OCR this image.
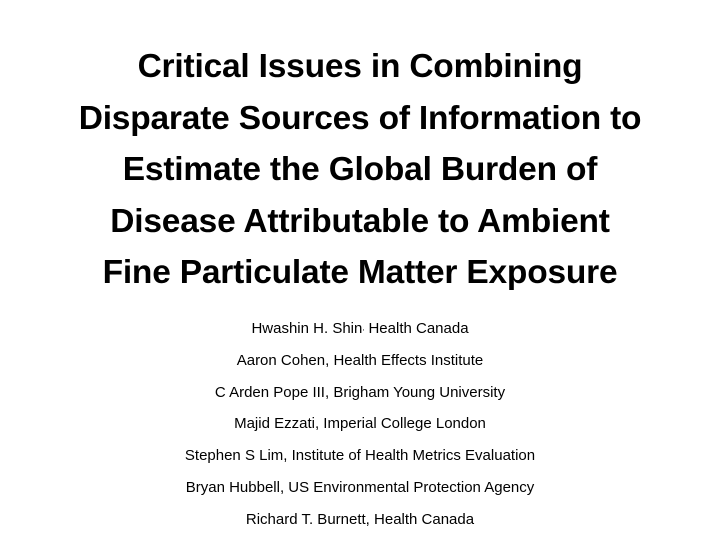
Critical Issues in Combining
Disparate Sources of Information to
Estimate the Global Burden of
Disease Attributable to Ambient
Fine Particulate Matter Exposure
Hwashin H. Shin, Health Canada
Aaron Cohen, Health Effects Institute
C Arden Pope III, Brigham Young University
Majid Ezzati, Imperial College London
Stephen S Lim, Institute of Health Metrics Evaluation
Bryan Hubbell, US Environmental Protection Agency
Richard T. Burnett, Health Canada
